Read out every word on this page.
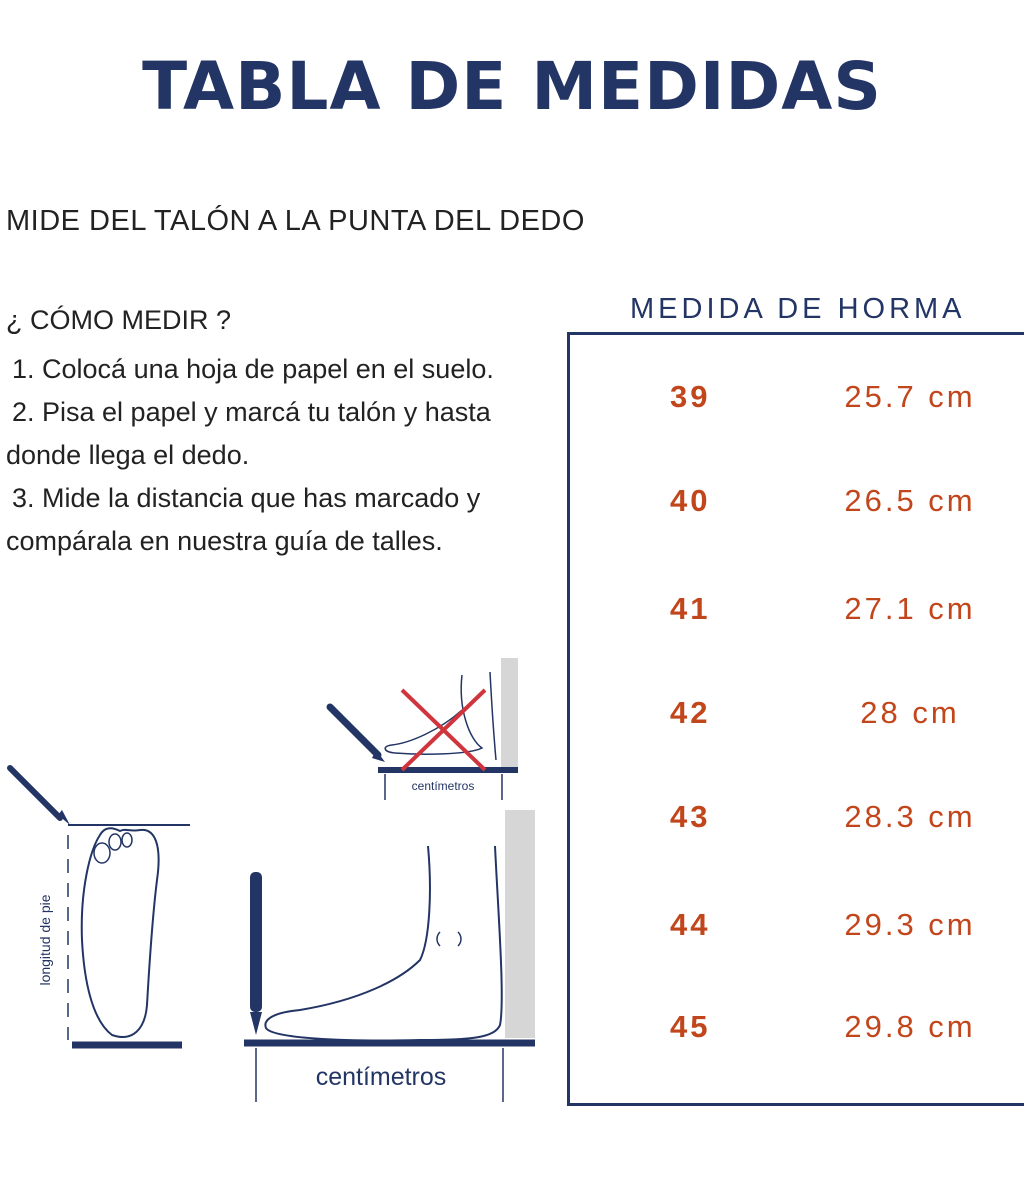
TABLA DE MEDIDAS
MIDE DEL TALÓN A LA PUNTA DEL DEDO
¿ CÓMO MEDIR ?

1. Colocá una hoja de papel en el suelo.

2. Pisa el papel y marcá tu talón y hasta donde llega el dedo.

3. Mide la distancia que has marcado y compárala en nuestra guía de talles.

centímetros
longitud de pie
centímetros
MEDIDA DE HORMA
39	25.7 cm
40	26.5 cm
41	27.1 cm
42	28 cm
43	28.3 cm
44	29.3 cm
45	29.8 cm
